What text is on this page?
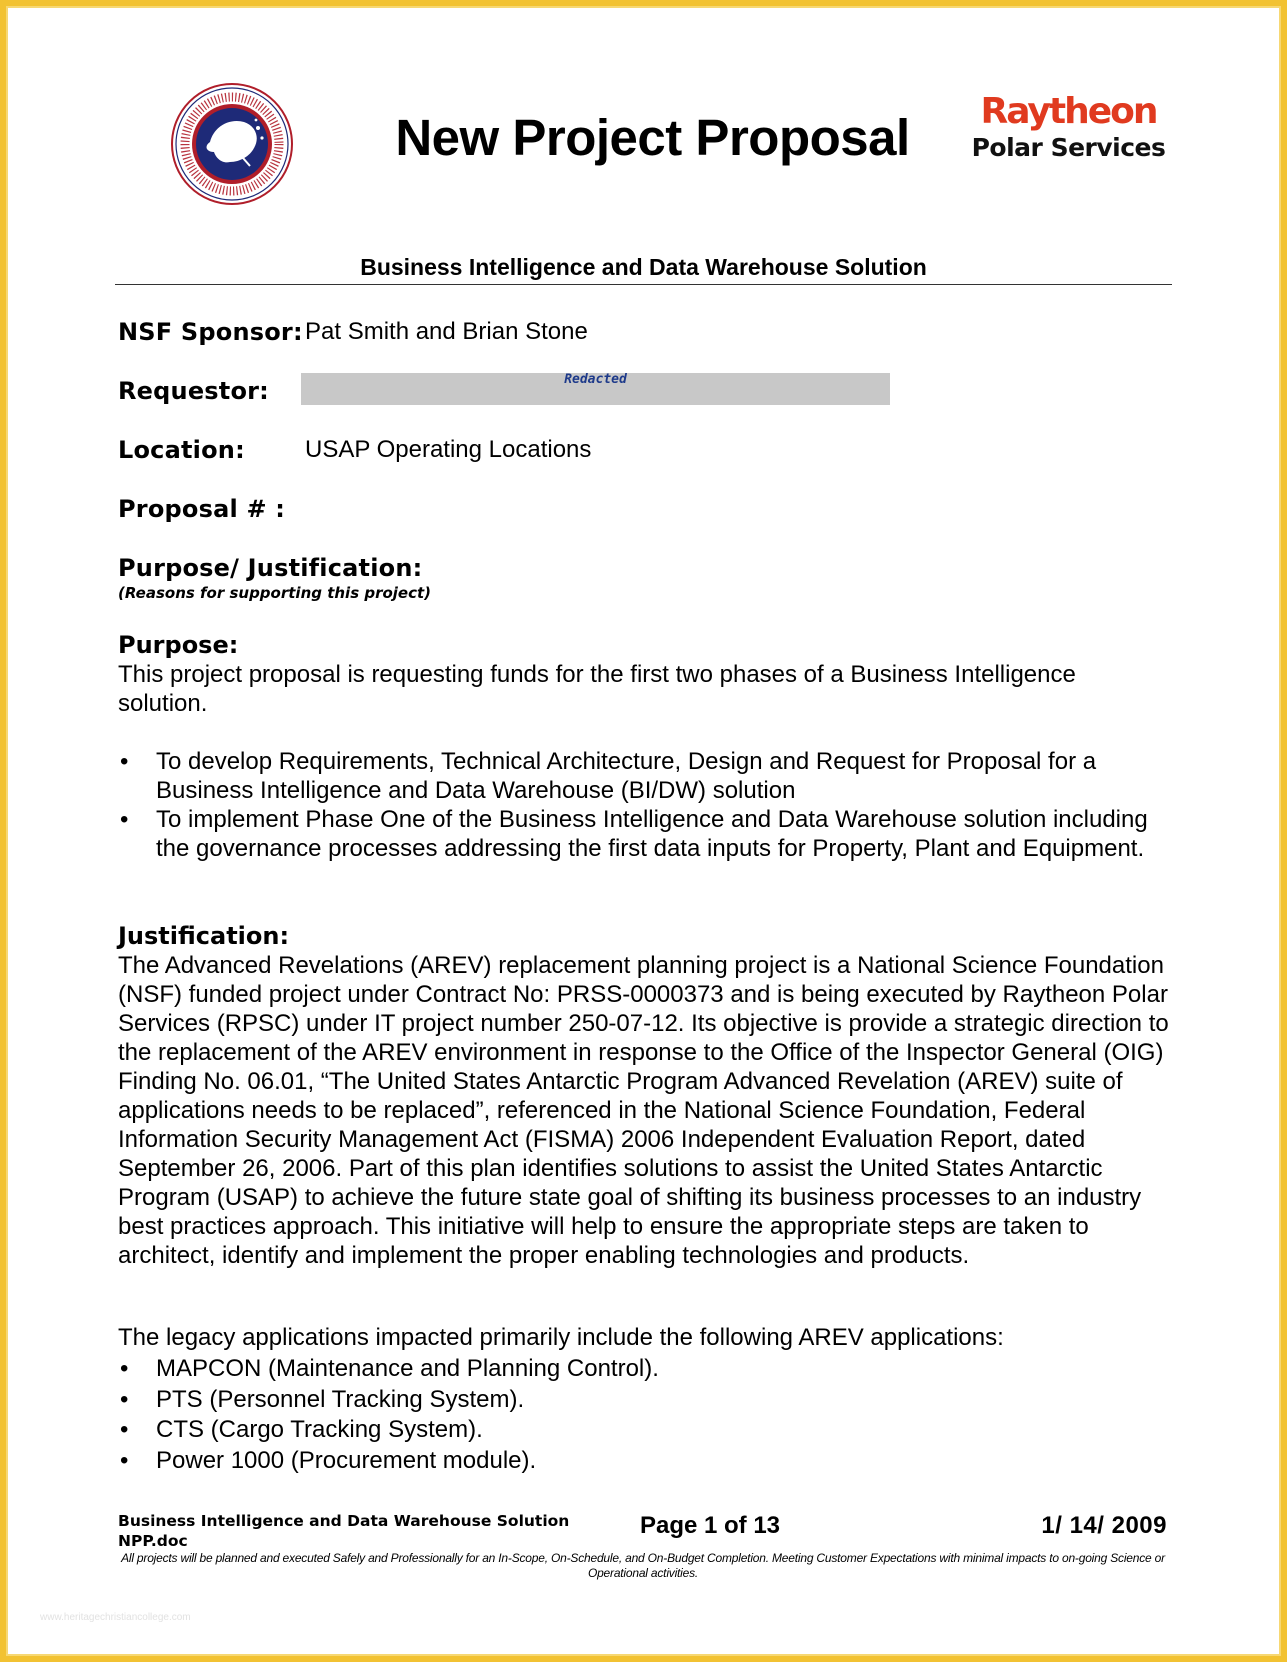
New Project Proposal	Raytheon
Polar Services
Business Intelligence and Data Warehouse Solution
NSF Sponsor: Pat Smith and Brian Stone
Requestor:	Redacted
Location:	USAP Operating Locations
Proposal # :
Purpose/ Justification:
(Reasons for supporting this project)
Purpose:
This project proposal is requesting funds for the first two phases of a Business Intelligence solution.
• To develop Requirements, Technical Architecture, Design and Request for Proposal for a Business Intelligence and Data Warehouse (BI/DW) solution
• To implement Phase One of the Business Intelligence and Data Warehouse solution including the governance processes addressing the first data inputs for Property, Plant and Equipment.
Justification:
The Advanced Revelations (AREV) replacement planning project is a National Science Foundation (NSF) funded project under Contract No: PRSS-0000373 and is being executed by Raytheon Polar Services (RPSC) under IT project number 250-07-12. Its objective is provide a strategic direction to the replacement of the AREV environment in response to the Office of the Inspector General (OIG) Finding No. 06.01, “The United States Antarctic Program Advanced Revelation (AREV) suite of applications needs to be replaced”, referenced in the National Science Foundation, Federal Information Security Management Act (FISMA) 2006 Independent Evaluation Report, dated September 26, 2006. Part of this plan identifies solutions to assist the United States Antarctic Program (USAP) to achieve the future state goal of shifting its business processes to an industry best practices approach. This initiative will help to ensure the appropriate steps are taken to architect, identify and implement the proper enabling technologies and products.
The legacy applications impacted primarily include the following AREV applications:
• MAPCON (Maintenance and Planning Control).
• PTS (Personnel Tracking System).
• CTS (Cargo Tracking System).
• Power 1000 (Procurement module).
Business Intelligence and Data Warehouse Solution
NPP.doc
Page 1 of 13	1/ 14/ 2009
All projects will be planned and executed Safely and Professionally for an In-Scope, On-Schedule, and On-Budget Completion. Meeting Customer Expectations with minimal impacts to on-going Science or Operational activities.
www.heritagechristiancollege.com
